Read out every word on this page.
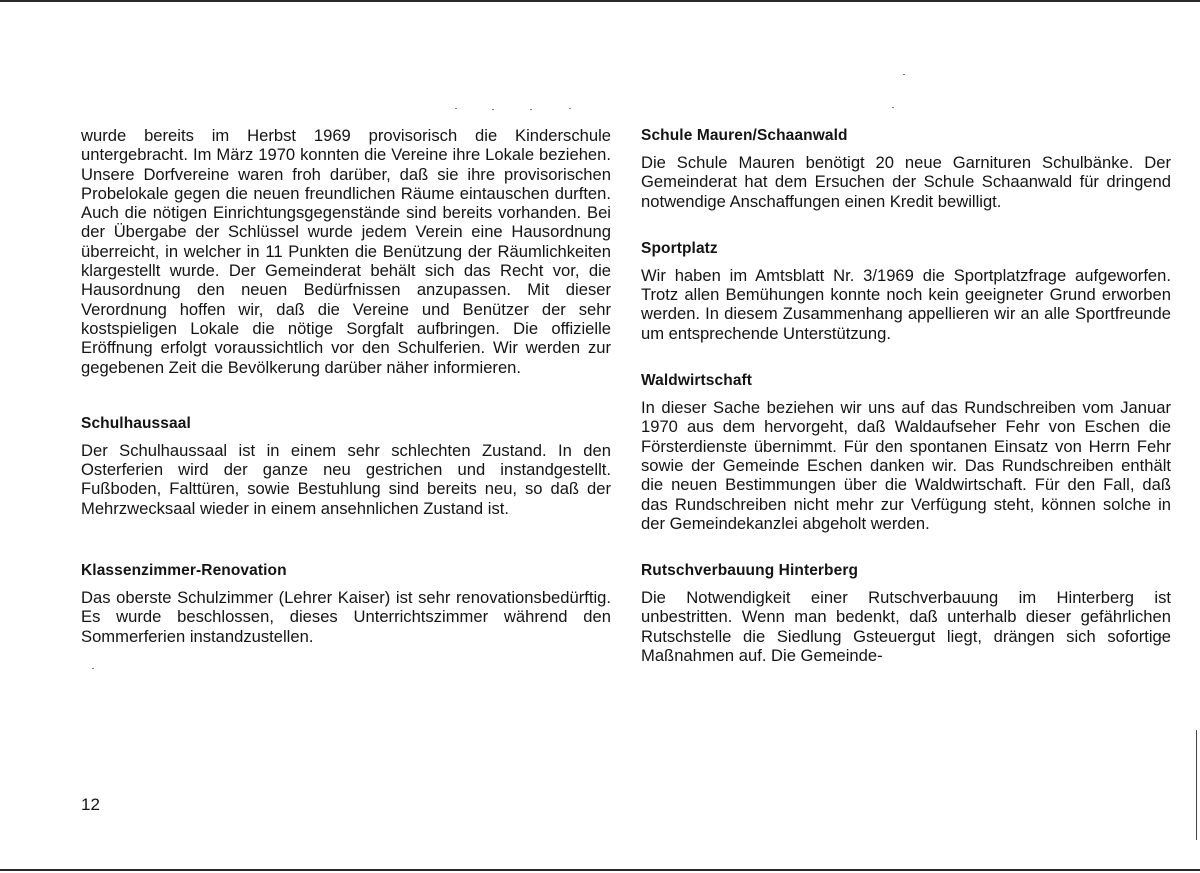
wurde bereits im Herbst 1969 provisorisch die Kinderschule untergebracht. Im März 1970 konnten die Vereine ihre Lokale beziehen. Unsere Dorfvereine waren froh darüber, daß sie ihre provisorischen Probelokale gegen die neuen freundlichen Räume eintauschen durften. Auch die nötigen Einrichtungsgegenstände sind bereits vorhanden. Bei der Übergabe der Schlüssel wurde jedem Verein eine Hausordnung überreicht, in welcher in 11 Punkten die Benützung der Räumlichkeiten klargestellt wurde. Der Gemeinderat behält sich das Recht vor, die Hausordnung den neuen Bedürfnissen anzupassen. Mit dieser Verordnung hoffen wir, daß die Vereine und Benützer der sehr kostspieligen Lokale die nötige Sorgfalt aufbringen. Die offizielle Eröffnung erfolgt voraussichtlich vor den Schulferien. Wir werden zur gegebenen Zeit die Bevölkerung darüber näher informieren.

Schulhaussaal

Der Schulhaussaal ist in einem sehr schlechten Zustand. In den Osterferien wird der ganze neu gestrichen und instandgestellt. Fußboden, Falttüren, sowie Bestuhlung sind bereits neu, so daß der Mehrzwecksaal wieder in einem ansehnlichen Zustand ist.

Klassenzimmer-Renovation

Das oberste Schulzimmer (Lehrer Kaiser) ist sehr renovationsbedürftig. Es wurde beschlossen, dieses Unterrichtszimmer während den Sommerferien instandzustellen.

Schule Mauren/Schaanwald

Die Schule Mauren benötigt 20 neue Garnituren Schulbänke. Der Gemeinderat hat dem Ersuchen der Schule Schaanwald für dringend notwendige Anschaffungen einen Kredit bewilligt.

Sportplatz

Wir haben im Amtsblatt Nr. 3/1969 die Sportplatzfrage aufgeworfen. Trotz allen Bemühungen konnte noch kein geeigneter Grund erworben werden. In diesem Zusammenhang appellieren wir an alle Sportfreunde um entsprechende Unterstützung.

Waldwirtschaft

In dieser Sache beziehen wir uns auf das Rundschreiben vom Januar 1970 aus dem hervorgeht, daß Waldaufseher Fehr von Eschen die Försterdienste übernimmt. Für den spontanen Einsatz von Herrn Fehr sowie der Gemeinde Eschen danken wir. Das Rundschreiben enthält die neuen Bestimmungen über die Waldwirtschaft. Für den Fall, daß das Rundschreiben nicht mehr zur Verfügung steht, können solche in der Gemeindekanzlei abgeholt werden.

Rutschverbauung Hinterberg

Die Notwendigkeit einer Rutschverbauung im Hinterberg ist unbestritten. Wenn man bedenkt, daß unterhalb dieser gefährlichen Rutschstelle die Siedlung Gsteuergut liegt, drängen sich sofortige Maßnahmen auf. Die Gemeinde-

12
